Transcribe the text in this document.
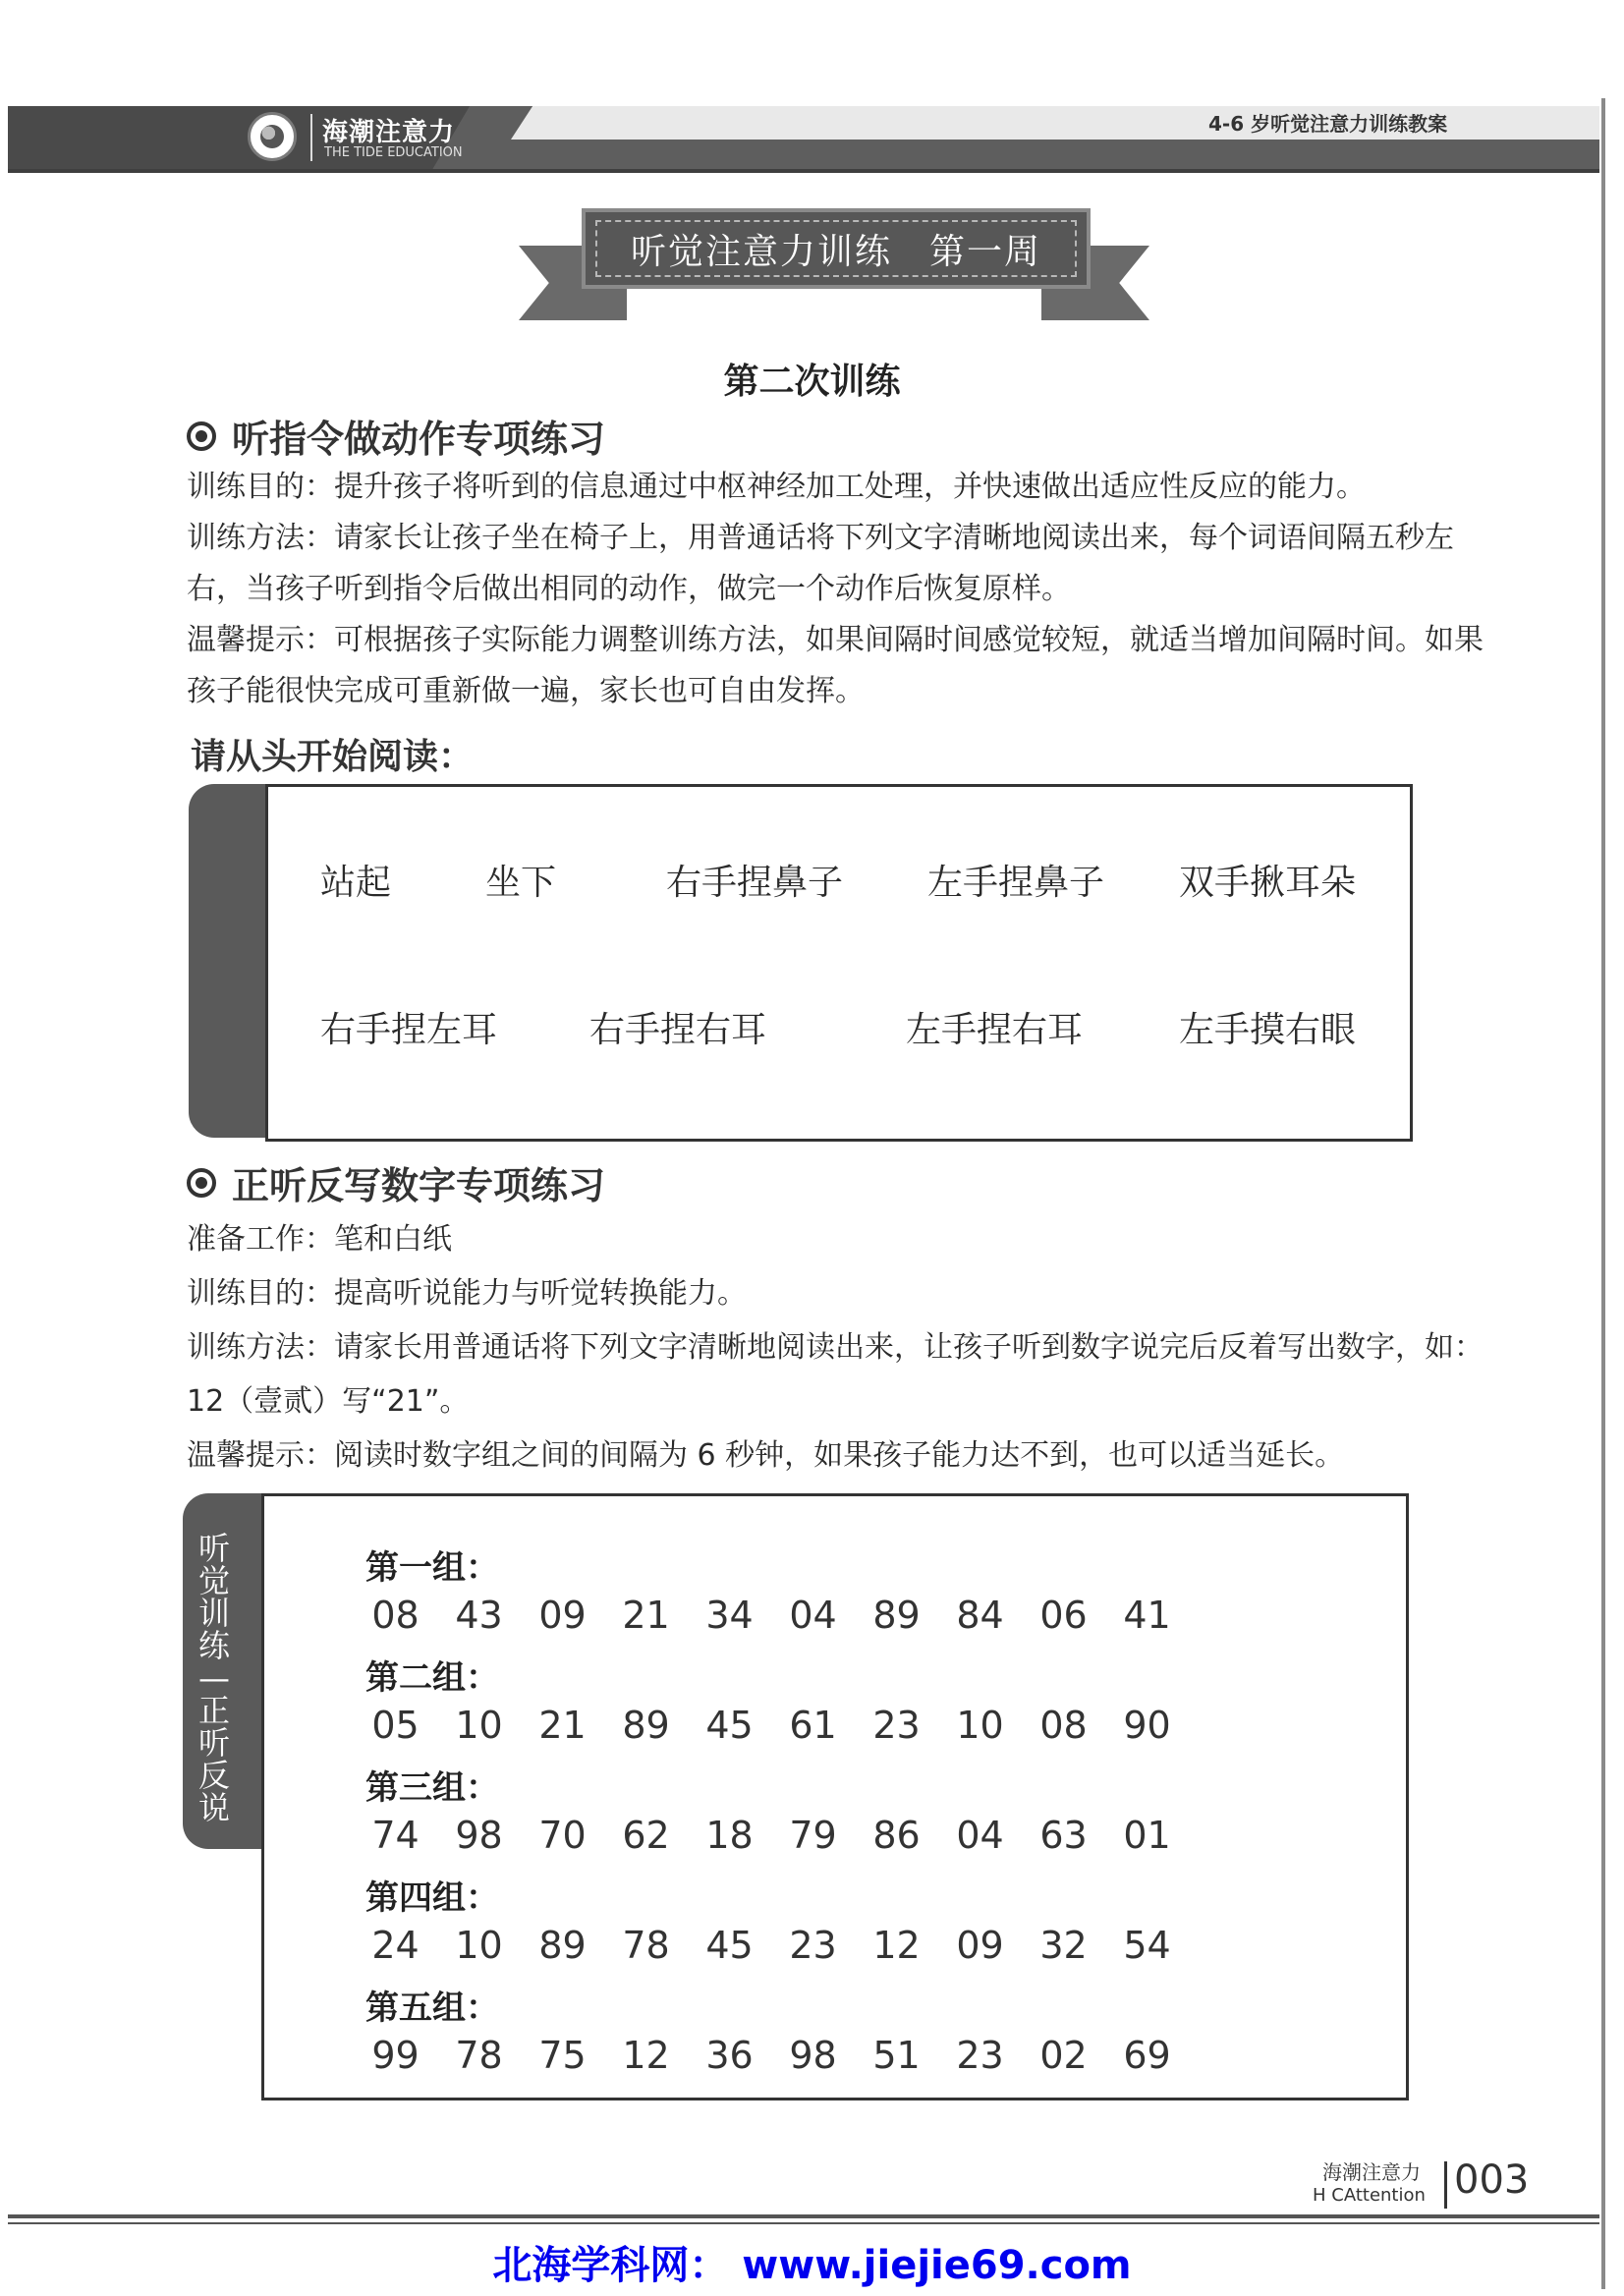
海潮注意力
THE TIDE EDUCATION
4-6 岁听觉注意力训练教案
听觉注意力训练　第一周
第二次训练
听指令做动作专项练习

训练目的：提升孩子将听到的信息通过中枢神经加工处理，并快速做出适应性反应的能力。

训练方法：请家长让孩子坐在椅子上，用普通话将下列文字清晰地阅读出来，每个词语间隔五秒左右，当孩子听到指令后做出相同的动作，做完一个动作后恢复原样。

温馨提示：可根据孩子实际能力调整训练方法，如果间隔时间感觉较短，就适当增加间隔时间。如果孩子能很快完成可重新做一遍，家长也可自由发挥。

请从头开始阅读：
站起	坐下	右手捏鼻子 左手捏鼻子 双手揪耳朵
右手捏左耳	右手捏右耳	左手捏右耳	左手摸右眼
正听反写数字专项练习

准备工作：笔和白纸

训练目的：提高听说能力与听觉转换能力。

训练方法：请家长用普通话将下列文字清晰地阅读出来，让孩子听到数字说完后反着写出数字，如：12（壹贰）写“21”。

温馨提示：阅读时数字组之间的间隔为 6 秒钟，如果孩子能力达不到，也可以适当延长。

听觉训练—正听反说
第一组：
08 43 09 21 34 04 89 84 06 41
第二组：
05 10 21 89 45 61 23 10 08 90
第三组：
74 98 70 62 18 79 86 04 63 01
第四组：
24 10 89 78 45 23 12 09 32 54
第五组：
99 78 75 12 36 98 51 23 02 69
海潮注意力
H CAttention 003
北海学科网： www.jiejie69.com
